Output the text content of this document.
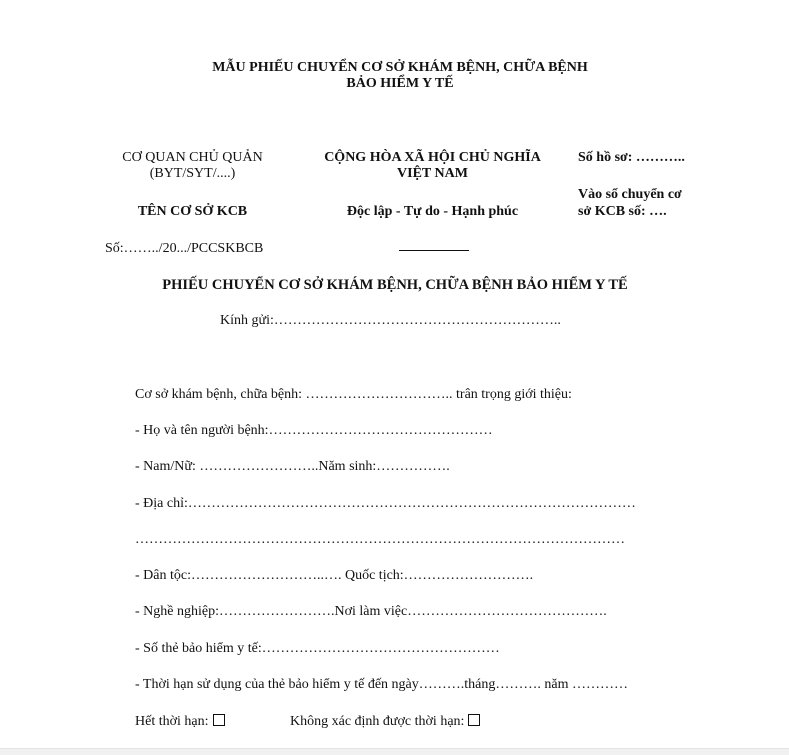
MẪU PHIẾU CHUYỂN CƠ SỞ KHÁM BỆNH, CHỮA BỆNH
BẢO HIỂM Y TẾ
CƠ QUAN CHỦ QUẢN
(BYT/SYT/....)
TÊN CƠ SỞ KCB
Số:……../20.../PCCSKBCB
CỘNG HÒA XÃ HỘI CHỦ NGHĨA
VIỆT NAM
Độc lập - Tự do - Hạnh phúc
Số hồ sơ: ………..
Vào sổ chuyển cơ
sở KCB số: ….
PHIẾU CHUYỂN CƠ SỞ KHÁM BỆNH, CHỮA BỆNH BẢO HIỂM Y TẾ
Kính gửi:……………………………………………………..
Cơ sở khám bệnh, chữa bệnh: ………………………….. trân trọng giới thiệu:
- Họ và tên người bệnh:…………………………………………
- Nam/Nữ: ……………………..Năm sinh:…………….
- Địa chỉ:……………………………………………………………………………………
……………………………………………………………………………………………
- Dân tộc:………………………..…. Quốc tịch:……………………….
- Nghề nghiệp:…………………….Nơi làm việc…………………………………….
- Số thẻ bảo hiểm y tế:……………………………………………
- Thời hạn sử dụng của thẻ bảo hiểm y tế đến ngày……….tháng………. năm …………
Hết thời hạn:	Không xác định được thời hạn:
